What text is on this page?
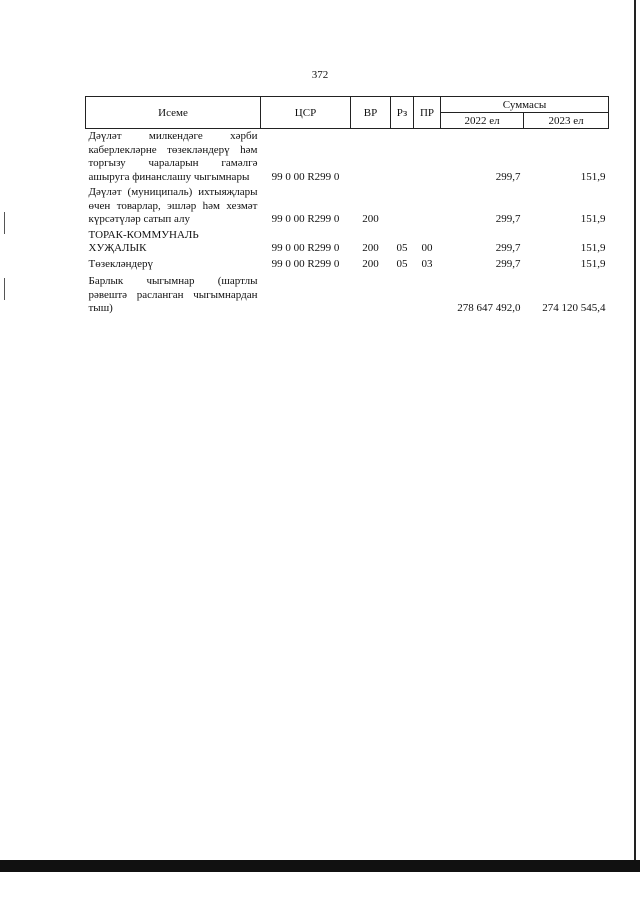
372
Исеме	ЦСР	ВР	Рз	ПР	Суммасы	
					2022 ел	2023 ел
Дәүләт милкендәге хәрби каберлекләрне төзекләндерү һәм торгызу чараларын гамәлгә ашыруга финанслашу чыгымнары	99 0 00 R299 0				299,7	151,9
Дәүләт (муниципаль) ихтыяҗлары өчен товарлар, эшләр һәм хезмәт күрсәтүләр сатып алу	99 0 00 R299 0	200			299,7	151,9
ТОРАК-КОММУНАЛЬ ХУҖАЛЫК	99 0 00 R299 0	200	05	00	299,7	151,9
Төзекләндерү	99 0 00 R299 0	200	05	03	299,7	151,9
Барлык чыгымнар (шартлы рәвештә расланган чыгымнардан тыш)					278 647 492,0	274 120 545,4
